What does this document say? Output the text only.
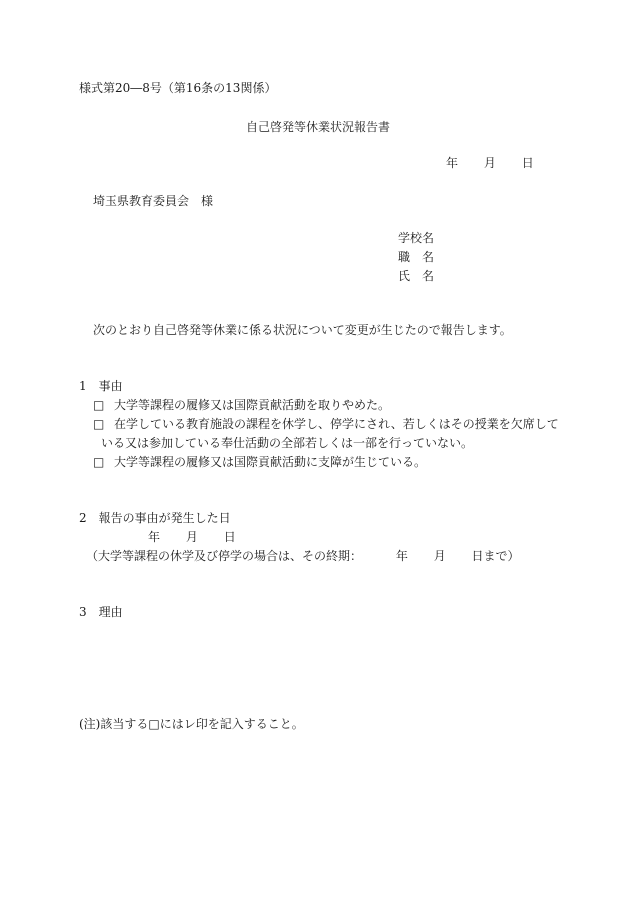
様式第20―8号（第16条の13関係）

自己啓発等休業状況報告書

年 月 日

埼玉県教育委員会　様

学校名

職　名

氏　名

次のとおり自己啓発等休業に係る状況について変更が生じたので報告します。

1　事由

□ 大学等課程の履修又は国際貢献活動を取りやめた。
□ 在学している教育施設の課程を休学し、停学にされ、若しくはその授業を欠席して
いる又は参加している奉仕活動の全部若しくは一部を行っていない。
□ 大学等課程の履修又は国際貢献活動に支障が生じている。

2　報告の事由が発生した日

年 月 日
（大学等課程の休学及び停学の場合は、その終期：	年 月 日まで）

3　理由

(注)該当する□にはレ印を記入すること。
